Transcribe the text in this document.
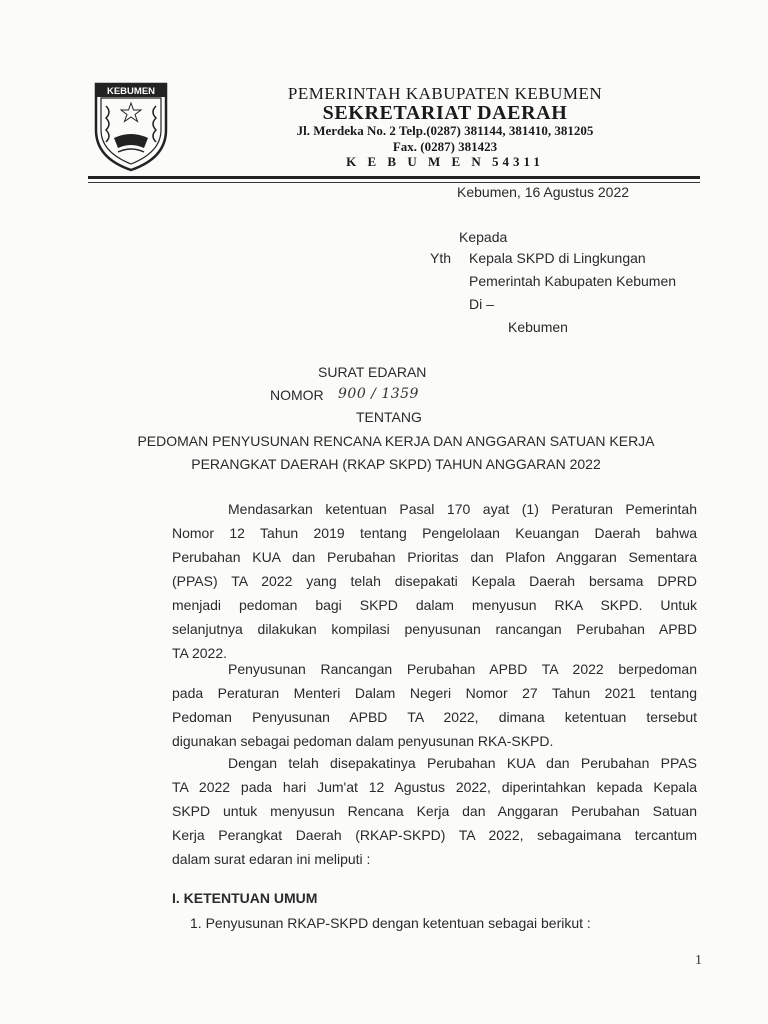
KEBUMEN	PEMERINTAH KABUPATEN KEBUMEN
SEKRETARIAT DAERAH
Jl. Merdeka No. 2 Telp.(0287) 381144, 381410, 381205
Fax. (0287) 381423
K E B U M E N 54311
Kebumen, 16 Agustus 2022
Kepada
Yth Kepala SKPD di Lingkungan
Pemerintah Kabupaten Kebumen
Di –
Kebumen
SURAT EDARAN
NOMOR 900 / 1359
TENTANG
PEDOMAN PENYUSUNAN RENCANA KERJA DAN ANGGARAN SATUAN KERJA
PERANGKAT DAERAH (RKAP SKPD) TAHUN ANGGARAN 2022
Mendasarkan ketentuan Pasal 170 ayat (1) Peraturan Pemerintah
Nomor 12 Tahun 2019 tentang Pengelolaan Keuangan Daerah bahwa
Perubahan KUA dan Perubahan Prioritas dan Plafon Anggaran Sementara
(PPAS) TA 2022 yang telah disepakati Kepala Daerah bersama DPRD
menjadi pedoman bagi SKPD dalam menyusun RKA SKPD. Untuk
selanjutnya dilakukan kompilasi penyusunan rancangan Perubahan APBD
TA 2022.
Penyusunan Rancangan Perubahan APBD TA 2022 berpedoman
pada Peraturan Menteri Dalam Negeri Nomor 27 Tahun 2021 tentang
Pedoman Penyusunan APBD TA 2022, dimana ketentuan tersebut
digunakan sebagai pedoman dalam penyusunan RKA-SKPD.
Dengan telah disepakatinya Perubahan KUA dan Perubahan PPAS
TA 2022 pada hari Jum'at 12 Agustus 2022, diperintahkan kepada Kepala
SKPD untuk menyusun Rencana Kerja dan Anggaran Perubahan Satuan
Kerja Perangkat Daerah (RKAP-SKPD) TA 2022, sebagaimana tercantum
dalam surat edaran ini meliputi :
I. KETENTUAN UMUM
1. Penyusunan RKAP-SKPD dengan ketentuan sebagai berikut :
1
